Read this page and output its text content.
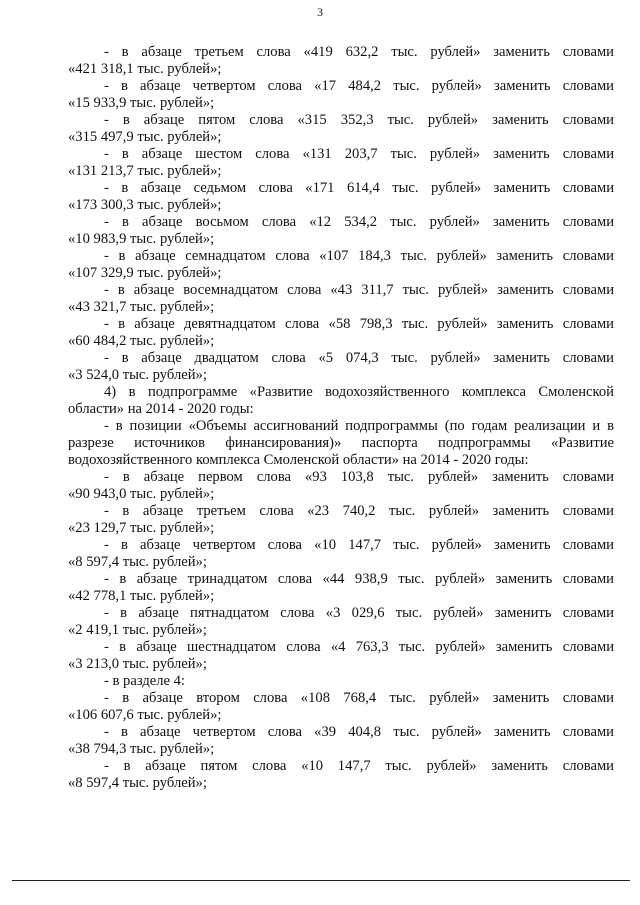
3
- в абзаце третьем слова «419 632,2 тыс. рублей» заменить словами
«421 318,1 тыс. рублей»;
- в абзаце четвертом слова «17 484,2 тыс. рублей» заменить словами
«15 933,9 тыс. рублей»;
- в абзаце пятом слова «315 352,3 тыс. рублей» заменить словами
«315 497,9 тыс. рублей»;
- в абзаце шестом слова «131 203,7 тыс. рублей» заменить словами
«131 213,7 тыс. рублей»;
- в абзаце седьмом слова «171 614,4 тыс. рублей» заменить словами
«173 300,3 тыс. рублей»;
- в абзаце восьмом слова «12 534,2 тыс. рублей» заменить словами
«10 983,9 тыс. рублей»;
- в абзаце семнадцатом слова «107 184,3 тыс. рублей» заменить словами
«107 329,9 тыс. рублей»;
- в абзаце восемнадцатом слова «43 311,7 тыс. рублей» заменить словами
«43 321,7 тыс. рублей»;
- в абзаце девятнадцатом слова «58 798,3 тыс. рублей» заменить словами
«60 484,2 тыс. рублей»;
- в абзаце двадцатом слова «5 074,3 тыс. рублей» заменить словами
«3 524,0 тыс. рублей»;
4) в подпрограмме «Развитие водохозяйственного комплекса Смоленской
области» на 2014 - 2020 годы:
- в позиции «Объемы ассигнований подпрограммы (по годам реализации и в
разрезе источников финансирования)» паспорта подпрограммы «Развитие
водохозяйственного комплекса Смоленской области» на 2014 - 2020 годы:
- в абзаце первом слова «93 103,8 тыс. рублей» заменить словами
«90 943,0 тыс. рублей»;
- в абзаце третьем слова «23 740,2 тыс. рублей» заменить словами
«23 129,7 тыс. рублей»;
- в абзаце четвертом слова «10 147,7 тыс. рублей» заменить словами
«8 597,4 тыс. рублей»;
- в абзаце тринадцатом слова «44 938,9 тыс. рублей» заменить словами
«42 778,1 тыс. рублей»;
- в абзаце пятнадцатом слова «3 029,6 тыс. рублей» заменить словами
«2 419,1 тыс. рублей»;
- в абзаце шестнадцатом слова «4 763,3 тыс. рублей» заменить словами
«3 213,0 тыс. рублей»;
- в разделе 4:
- в абзаце втором слова «108 768,4 тыс. рублей» заменить словами
«106 607,6 тыс. рублей»;
- в абзаце четвертом слова «39 404,8 тыс. рублей» заменить словами
«38 794,3 тыс. рублей»;
- в абзаце пятом слова «10 147,7 тыс. рублей» заменить словами
«8 597,4 тыс. рублей»;
